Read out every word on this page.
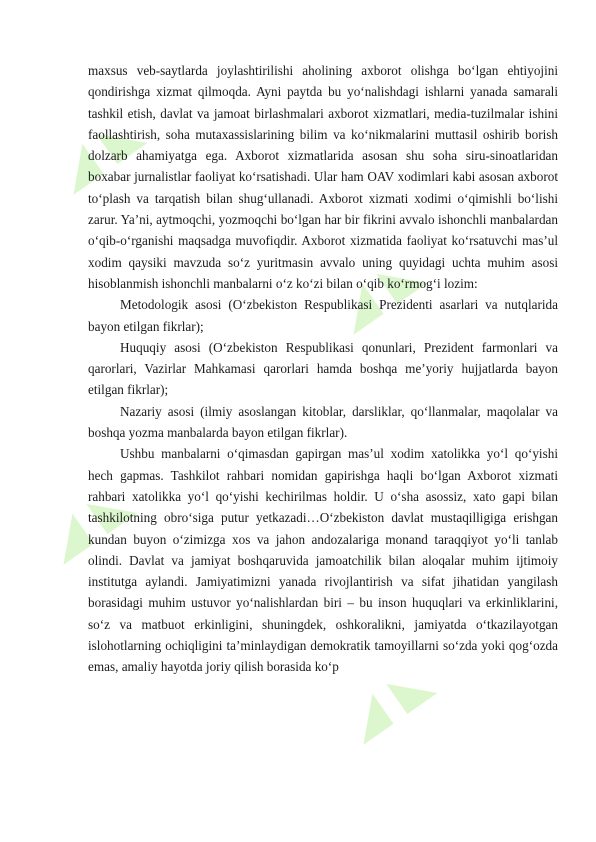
◢ ◣
◢ ◣
◢ ◣
◢ ◣

maxsus veb-saytlarda joylashtirilishi aholining axborot olishga bo‘lgan ehtiyojini qondirishga xizmat qilmoqda. Ayni paytda bu yo‘nalishdagi ishlarni yanada samarali tashkil etish, davlat va jamoat birlashmalari axborot xizmatlari, media-tuzilmalar ishini faollashtirish, soha mutaxassislarining bilim va ko‘nikmalarini muttasil oshirib borish dolzarb ahamiyatga ega. Axborot xizmatlarida asosan shu soha siru-sinoatlaridan boxabar jurnalistlar faoliyat ko‘rsatishadi. Ular ham OAV xodimlari kabi asosan axborot to‘plash va tarqatish bilan shug‘ullanadi. Axborot xizmati xodimi o‘qimishli bo‘lishi zarur. Ya’ni, aytmoqchi, yozmoqchi bo‘lgan har bir fikrini avvalo ishonchli manbalardan o‘qib-o‘rganishi maqsadga muvofiqdir. Axborot xizmatida faoliyat ko‘rsatuvchi mas’ul xodim qaysiki mavzuda so‘z yuritmasin avvalo uning quyidagi uchta muhim asosi hisoblanmish ishonchli manbalarni o‘z ko‘zi bilan o‘qib ko‘rmog‘i lozim:

Metodologik asosi (O‘zbekiston Respublikasi Prezidenti asarlari va nutqlarida bayon etilgan fikrlar);

Huquqiy asosi (O‘zbekiston Respublikasi qonunlari, Prezident farmonlari va qarorlari, Vazirlar Mahkamasi qarorlari hamda boshqa me’yoriy hujjatlarda bayon etilgan fikrlar);

Nazariy asosi (ilmiy asoslangan kitoblar, darsliklar, qo‘llanmalar, maqolalar va boshqa yozma manbalarda bayon etilgan fikrlar).

Ushbu manbalarni o‘qimasdan gapirgan mas’ul xodim xatolikka yo‘l qo‘yishi hech gapmas. Tashkilot rahbari nomidan gapirishga haqli bo‘lgan Axborot xizmati rahbari xatolikka yo‘l qo‘yishi kechirilmas holdir. U o‘sha asossiz, xato gapi bilan tashkilotning obro‘siga putur yetkazadi…O‘zbekiston davlat mustaqilligiga erishgan kundan buyon o‘zimizga xos va jahon andozalariga monand taraqqiyot yo‘li tanlab olindi. Davlat va jamiyat boshqaruvida jamoatchilik bilan aloqalar muhim ijtimoiy institutga aylandi. Jamiyatimizni yanada rivojlantirish va sifat jihatidan yangilash borasidagi muhim ustuvor yo‘nalishlardan biri – bu inson huquqlari va erkinliklarini, so‘z va matbuot erkinligini, shuningdek, oshkoralikni, jamiyatda o‘tkazilayotgan islohotlarning ochiqligini ta’minlaydigan demokratik tamoyillarni so‘zda yoki qog‘ozda emas, amaliy hayotda joriy qilish borasida ko‘p
